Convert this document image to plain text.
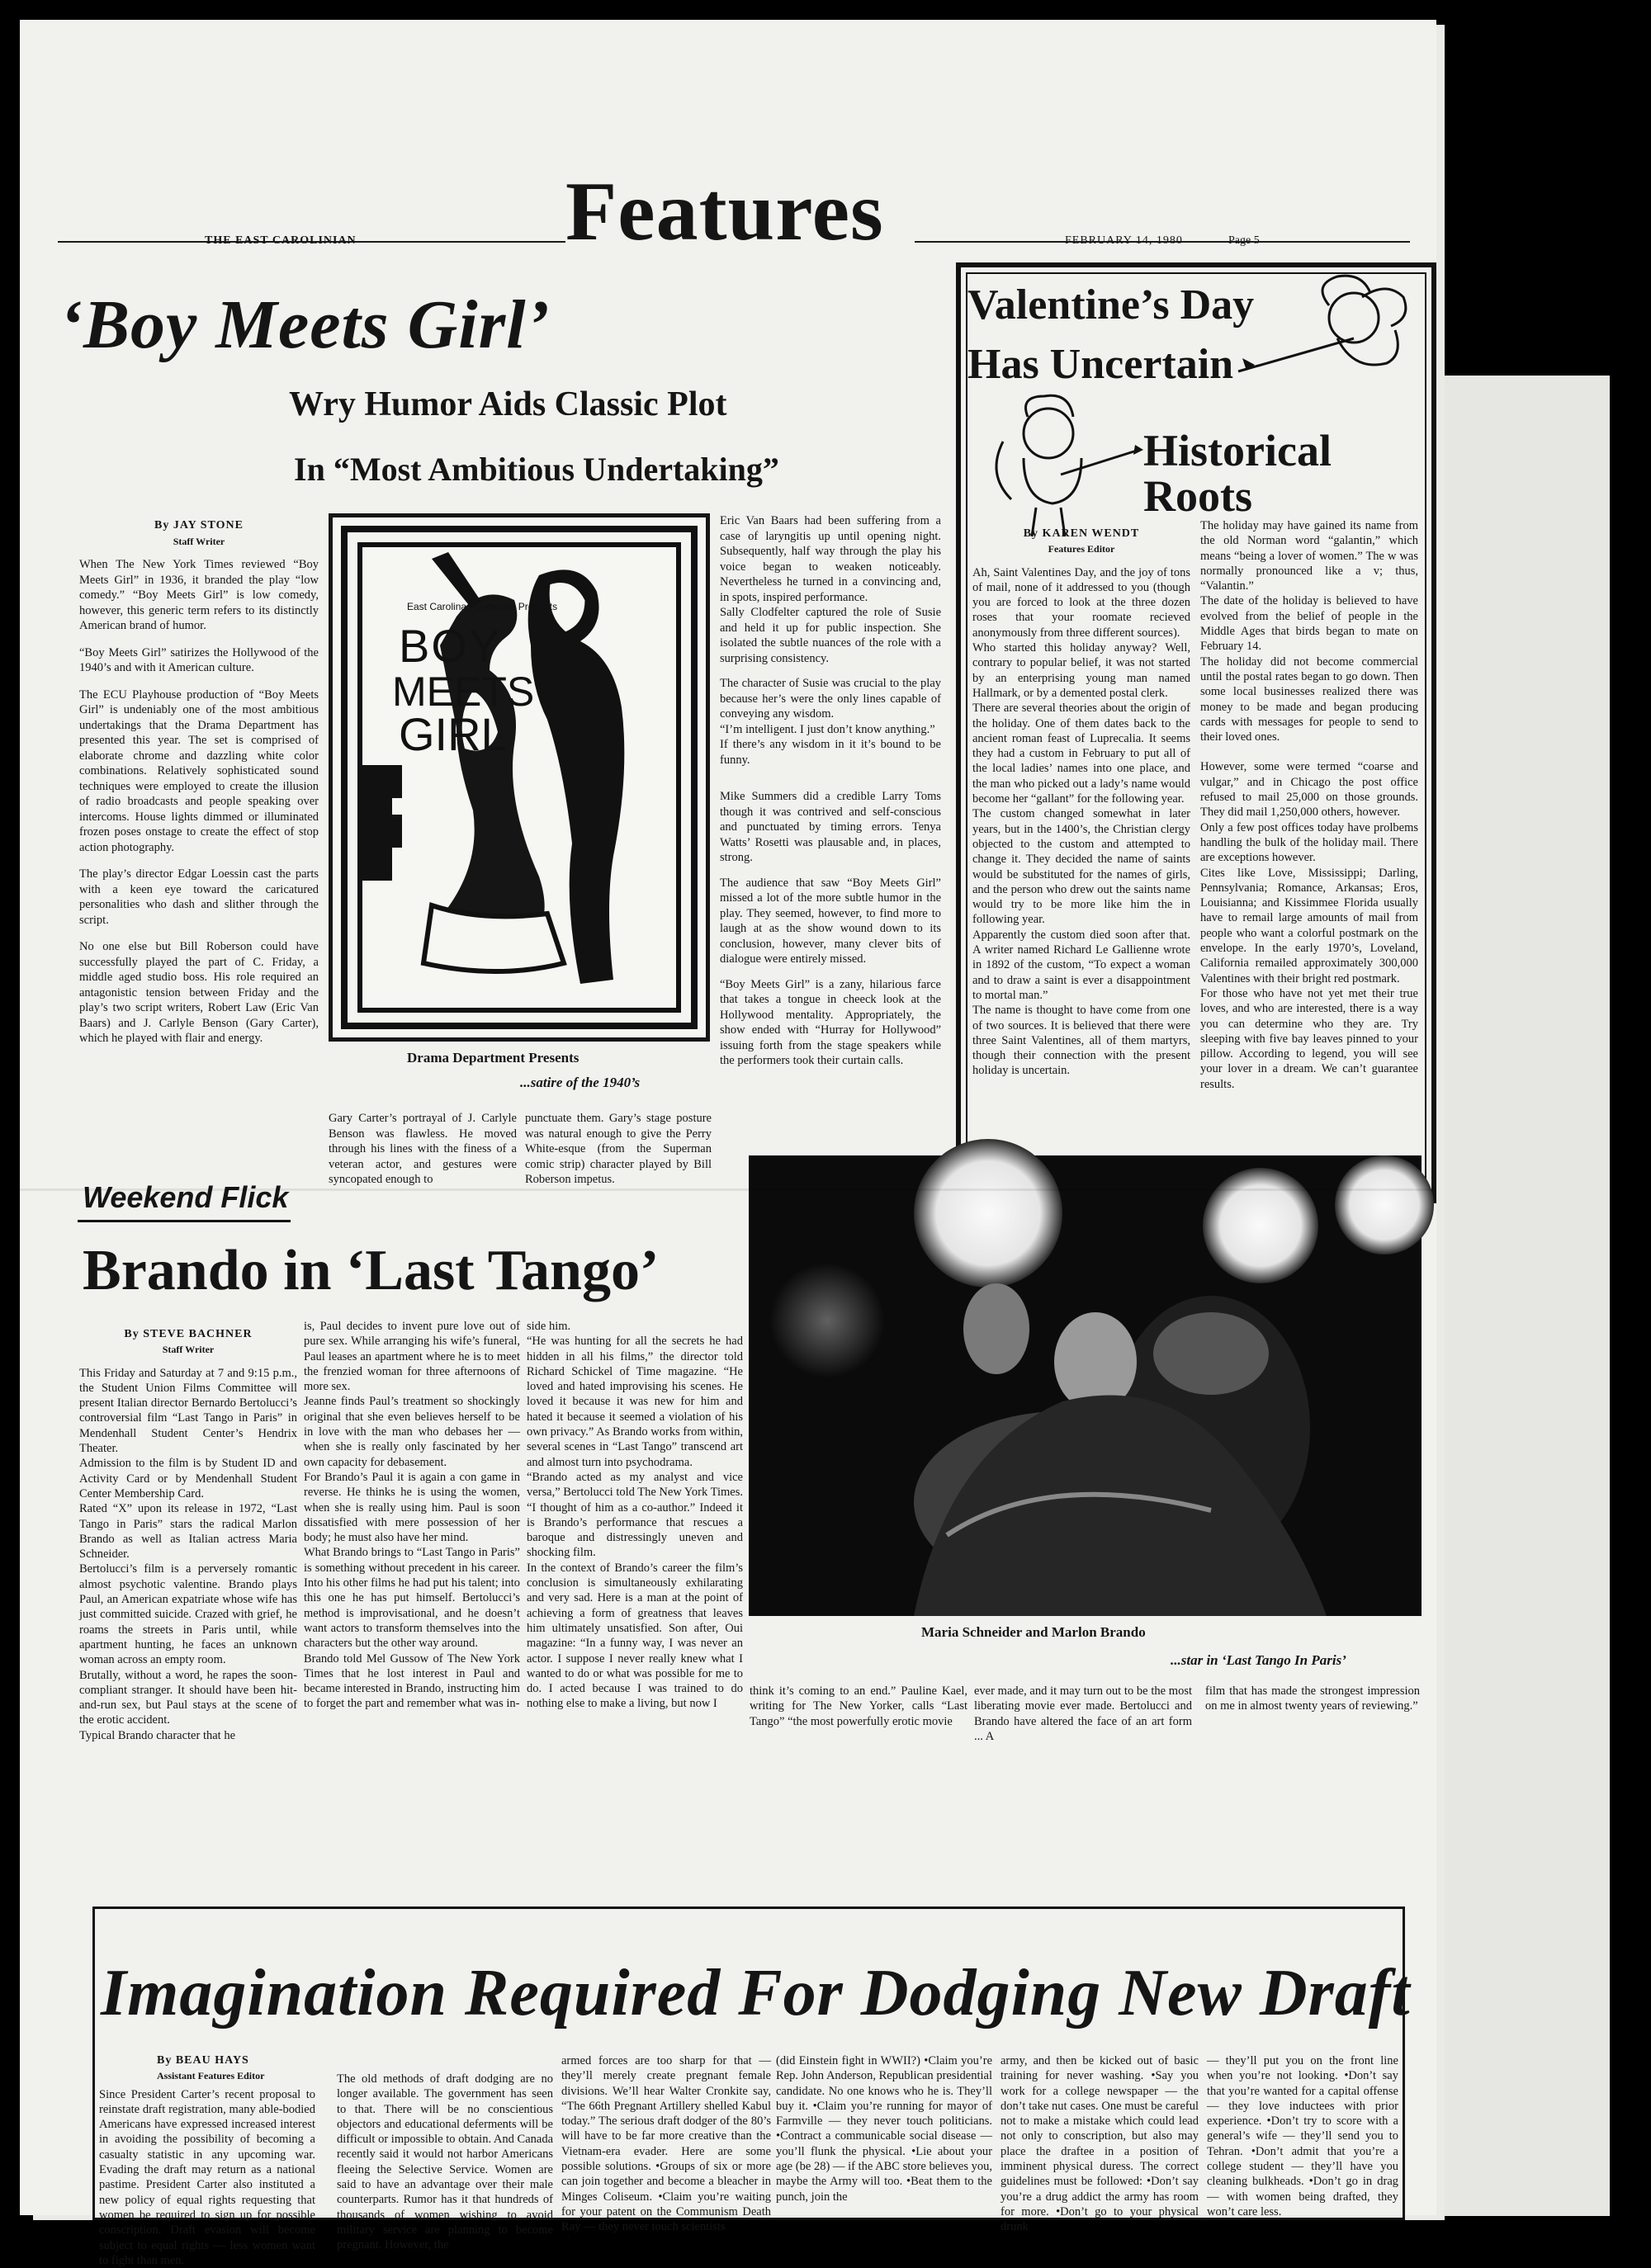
Features
THE EAST CAROLINIAN	FEBRUARY 14, 1980	Page 5
‘Boy Meets Girl’
Wry Humor Aids Classic Plot
In “Most Ambitious Undertaking”
By JAY STONE
Staff Writer

When The New York Times reviewed “Boy Meets Girl” in 1936, it branded the play “low comedy.” “Boy Meets Girl” is low comedy, however, this generic term refers to its distinctly American brand of humor.

“Boy Meets Girl” satirizes the Hollywood of the 1940’s and with it American culture.

The ECU Playhouse production of “Boy Meets Girl” is undeniably one of the most ambitious undertakings that the Drama Department has presented this year. The set is comprised of elaborate chrome and dazzling white color combinations. Relatively sophisticated sound techniques were employed to create the illusion of radio broadcasts and people speaking over intercoms. House lights dimmed or illuminated frozen poses onstage to create the effect of stop action photography.

The play’s director Edgar Loessin cast the parts with a keen eye toward the caricatured personalities who dash and slither through the script.

No one else but Bill Roberson could have successfully played the part of C. Friday, a middle aged studio boss. His role required an antagonistic tension between Friday and the play’s two script writers, Robert Law (Eric Van Baars) and J. Carlyle Benson (Gary Carter), which he played with flair and energy.

East Carolina Playhouse Presents
BOY
MEETS
GIRL
Drama Department Presents
...satire of the 1940’s
Gary Carter’s portrayal of J. Carlyle Benson was flawless. He moved through his lines with the finess of a veteran actor, and gestures were syncopated enough to
punctuate them. Gary’s stage posture was natural enough to give the Perry White-esque (from the Superman comic strip) character played by Bill Roberson impetus.

Eric Van Baars had been suffering from a case of laryngitis up until opening night. Subsequently, half way through the play his voice began to weaken noticeably. Nevertheless he turned in a convincing and, in spots, inspired performance.

Sally Clodfelter captured the role of Susie and held it up for public inspection. She isolated the subtle nuances of the role with a surprising consistency.

The character of Susie was crucial to the play because her’s were the only lines capable of conveying any wisdom.

“I’m intelligent. I just don’t know anything.”

If there’s any wisdom in it it’s bound to be funny.

Mike Summers did a credible Larry Toms though it was contrived and self-conscious and punctuated by timing errors. Tenya Watts’ Rosetti was plausable and, in places, strong.

The audience that saw “Boy Meets Girl” missed a lot of the more subtle humor in the play. They seemed, however, to find more to laugh at as the show wound down to its conclusion, however, many clever bits of dialogue were entirely missed.

“Boy Meets Girl” is a zany, hilarious farce that takes a tongue in cheeck look at the Hollywood mentality. Appropriately, the show ended with “Hurray for Hollywood” issuing forth from the stage speakers while the performers took their curtain calls.

Valentine’s Day
Has Uncertain
Historical
Roots
By KAREN WENDT
Features Editor

Ah, Saint Valentines Day, and the joy of tons of mail, none of it addressed to you (though you are forced to look at the three dozen roses that your roomate recieved anonymously from three different sources).

Who started this holiday anyway? Well, contrary to popular belief, it was not started by an enterprising young man named Hallmark, or by a demented postal clerk.

There are several theories about the origin of the holiday. One of them dates back to the ancient roman feast of Luprecalia. It seems they had a custom in February to put all of the local ladies’ names into one place, and the man who picked out a lady’s name would become her “gallant” for the following year.

The custom changed somewhat in later years, but in the 1400’s, the Christian clergy objected to the custom and attempted to change it. They decided the name of saints would be substituted for the names of girls, and the person who drew out the saints name would try to be more like him the in following year.

Apparently the custom died soon after that. A writer named Richard Le Gallienne wrote in 1892 of the custom, “To expect a woman and to draw a saint is ever a disappointment to mortal man.”

The name is thought to have come from one of two sources. It is believed that there were three Saint Valentines, all of them martyrs, though their connection with the present holiday is uncertain.

The holiday may have gained its name from the old Norman word “galantin,” which means “being a lover of women.” The w was normally pronounced like a v; thus, “Valantin.”

The date of the holiday is believed to have evolved from the belief of people in the Middle Ages that birds began to mate on February 14.

The holiday did not become commercial until the postal rates began to go down. Then some local businesses realized there was money to be made and began producing cards with messages for people to send to their loved ones.

However, some were termed “coarse and vulgar,” and in Chicago the post office refused to mail 25,000 on those grounds. They did mail 1,250,000 others, however.

Only a few post offices today have prolbems handling the bulk of the holiday mail. There are exceptions however.

Cites like Love, Mississippi; Darling, Pennsylvania; Romance, Arkansas; Eros, Louisianna; and Kissimmee Florida usually have to remail large amounts of mail from people who want a colorful postmark on the envelope. In the early 1970’s, Loveland, California remailed approximately 300,000 Valentines with their bright red postmark.

For those who have not yet met their true loves, and who are interested, there is a way you can determine who they are. Try sleeping with five bay leaves pinned to your pillow. According to legend, you will see your lover in a dream. We can’t guarantee results.

Weekend Flick
Brando in ‘Last Tango’
By STEVE BACHNER
Staff Writer

This Friday and Saturday at 7 and 9:15 p.m., the Student Union Films Committee will present Italian director Bernardo Bertolucci’s controversial film “Last Tango in Paris” in Mendenhall Student Center’s Hendrix Theater.

Admission to the film is by Student ID and Activity Card or by Mendenhall Student Center Membership Card.

Rated “X” upon its release in 1972, “Last Tango in Paris” stars the radical Marlon Brando as well as Italian actress Maria Schneider.

Bertolucci’s film is a perversely romantic almost psychotic valentine. Brando plays Paul, an American expatriate whose wife has just committed suicide. Crazed with grief, he roams the streets in Paris until, while apartment hunting, he faces an unknown woman across an empty room.

Brutally, without a word, he rapes the soon-compliant stranger. It should have been hit-and-run sex, but Paul stays at the scene of the erotic accident.

Typical Brando character that he

is, Paul decides to invent pure love out of pure sex. While arranging his wife’s funeral, Paul leases an apartment where he is to meet the frenzied woman for three afternoons of more sex.

Jeanne finds Paul’s treatment so shockingly original that she even believes herself to be in love with the man who debases her — when she is really only fascinated by her own capacity for debasement.

For Brando’s Paul it is again a con game in reverse. He thinks he is using the women, when she is really using him. Paul is soon dissatisfied with mere possession of her body; he must also have her mind.

What Brando brings to “Last Tango in Paris” is something without precedent in his career. Into his other films he had put his talent; into this one he has put himself. Bertolucci’s method is improvisational, and he doesn’t want actors to transform themselves into the characters but the other way around.

Brando told Mel Gussow of The New York Times that he lost interest in Paul and became interested in Brando, instructing him to forget the part and remember what was in-

side him.

“He was hunting for all the secrets he had hidden in all his films,” the director told Richard Schickel of Time magazine. “He loved and hated improvising his scenes. He loved it because it was new for him and hated it because it seemed a violation of his own privacy.” As Brando works from within, several scenes in “Last Tango” transcend art and almost turn into psychodrama.

“Brando acted as my analyst and vice versa,” Bertolucci told The New York Times. “I thought of him as a co-author.” Indeed it is Brando’s performance that rescues a baroque and distressingly uneven and shocking film.

In the context of Brando’s career the film’s conclusion is simultaneously exhilarating and very sad. Here is a man at the point of achieving a form of greatness that leaves him ultimately unsatisfied. Son after, Oui magazine: “In a funny way, I was never an actor. I suppose I never really knew what I wanted to do or what was possible for me to do. I acted because I was trained to do nothing else to make a living, but now I

Maria Schneider and Marlon Brando
...star in ‘Last Tango In Paris’
think it’s coming to an end.” Pauline Kael, writing for The New Yorker, calls “Last Tango” “the most powerfully erotic movie
ever made, and it may turn out to be the most liberating movie ever made. Bertolucci and Brando have altered the face of an art form ... A
film that has made the strongest impression on me in almost twenty years of reviewing.”
Imagination Required For Dodging New Draft
By BEAU HAYS
Assistant Features Editor

Since President Carter’s recent proposal to reinstate draft registration, many able-bodied Americans have expressed increased interest in avoiding the possibility of becoming a casualty statistic in any upcoming war. Evading the draft may return as a national pastime. President Carter also instituted a new policy of equal rights requesting that women be required to sign up for possible conscription. Draft evasion will become subject to equal rights — less women want to fight than men.

The old methods of draft dodging are no longer available. The government has seen to that. There will be no conscientious objectors and educational deferments will be difficult or impossible to obtain. And Canada recently said it would not harbor Americans fleeing the Selective Service. Women are said to have an advantage over their male counterparts. Rumor has it that hundreds of thousands of women wishing to avoid military service are planning to become pregnant. However, the
armed forces are too sharp for that — they’ll merely create pregnant female divisions. We’ll hear Walter Cronkite say, “The 66th Pregnant Artillery shelled Kabul today.” The serious draft dodger of the 80’s will have to be far more creative than the Vietnam-era evader. Here are some possible solutions. •Groups of six or more can join together and become a bleacher in Minges Coliseum. •Claim you’re waiting for your patent on the Communism Death Ray — they never touch scientists
(did Einstein fight in WWII?) •Claim you’re Rep. John Anderson, Republican presidential candidate. No one knows who he is. They’ll buy it. •Claim you’re running for mayor of Farmville — they never touch politicians. •Contract a communicable social disease — you’ll flunk the physical. •Lie about your age (be 28) — if the ABC store believes you, maybe the Army will too. •Beat them to the punch, join the
army, and then be kicked out of basic training for never washing. •Say you work for a college newspaper — the don’t take nut cases. One must be careful not to make a mistake which could lead not only to conscription, but also may place the draftee in a position of imminent physical duress. The correct guidelines must be followed: •Don’t say you’re a drug addict the army has room for more. •Don’t go to your physical drunk
— they’ll put you on the front line when you’re not looking. •Don’t say that you’re wanted for a capital offense — they love inductees with prior experience. •Don’t try to score with a general’s wife — they’ll send you to Tehran. •Don’t admit that you’re a college student — they’ll have you cleaning bulkheads. •Don’t go in drag — with women being drafted, they won’t care less.
